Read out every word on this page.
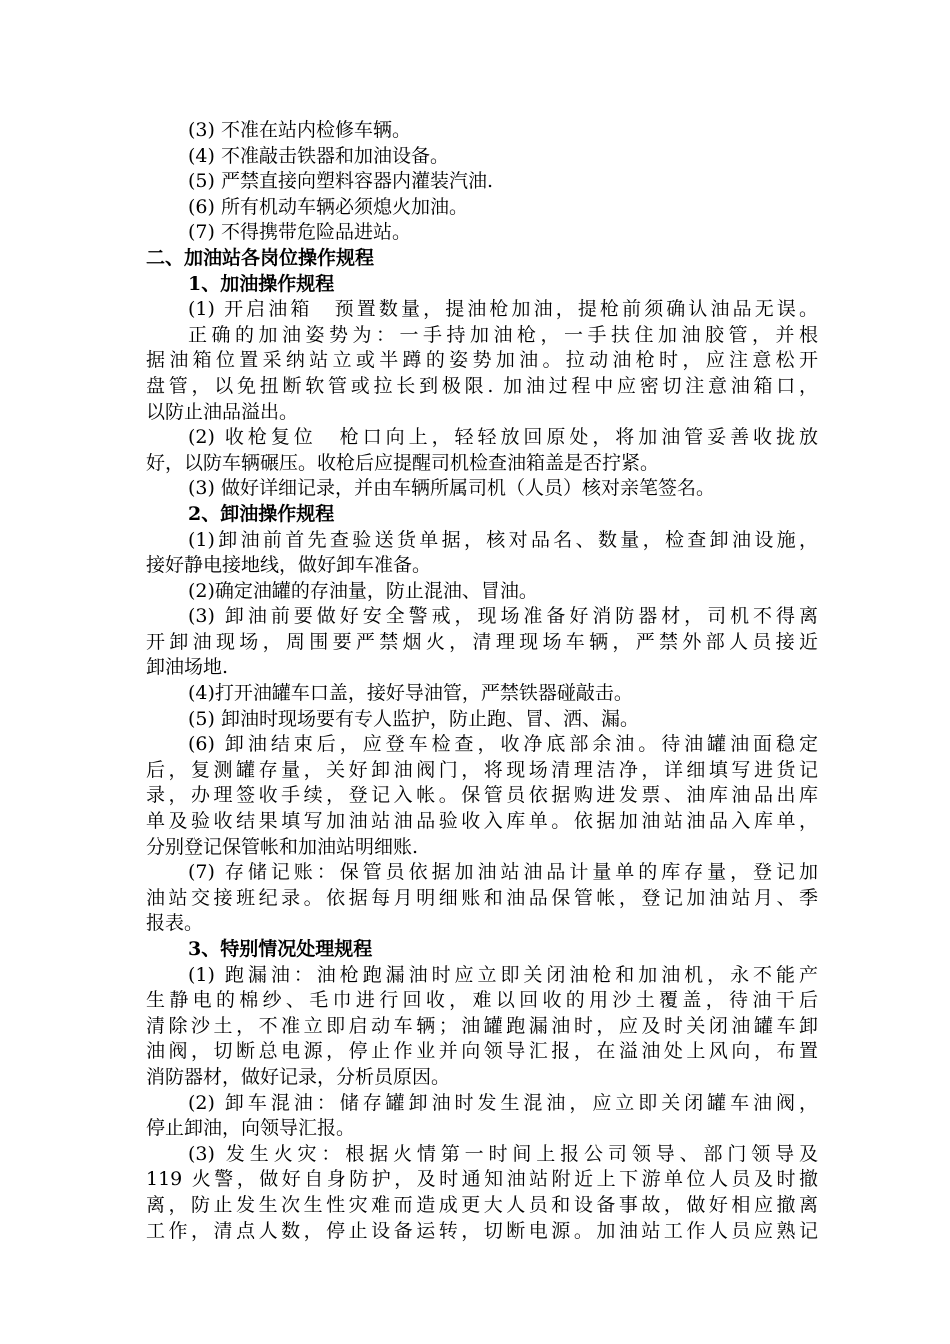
(3) 不准在站内检修车辆。

(4) 不准敲击铁器和加油设备。

(5) 严禁直接向塑料容器内灌装汽油.

(6) 所有机动车辆必须熄火加油。

(7) 不得携带危险品进站。

二、加油站各岗位操作规程

1、加油操作规程

(1) 开启油箱　预置数量，提油枪加油，提枪前须确认油品无误。

正确的加油姿势为：一手持加油枪，一手扶住加油胶管，并根

据油箱位置采纳站立或半蹲的姿势加油。拉动油枪时，应注意松开

盘管，以免扭断软管或拉长到极限. 加油过程中应密切注意油箱口，

以防止油品溢出。

(2) 收枪复位　枪口向上，轻轻放回原处，将加油管妥善收拢放

好，以防车辆碾压。收枪后应提醒司机检查油箱盖是否拧紧。

(3) 做好详细记录，并由车辆所属司机（人员）核对亲笔签名。

2、卸油操作规程

(1)卸油前首先查验送货单据，核对品名、数量，检查卸油设施，

接好静电接地线，做好卸车准备。

(2)确定油罐的存油量，防止混油、冒油。

(3) 卸油前要做好安全警戒，现场准备好消防器材，司机不得离

开卸油现场，周围要严禁烟火，清理现场车辆，严禁外部人员接近

卸油场地.

(4)打开油罐车口盖，接好导油管，严禁铁器碰敲击。

(5) 卸油时现场要有专人监护，防止跑、冒、洒、漏。

(6) 卸油结束后，应登车检查，收净底部余油。待油罐油面稳定

后，复测罐存量，关好卸油阀门，将现场清理洁净，详细填写进货记

录，办理签收手续，登记入帐。保管员依据购进发票、油库油品出库

单及验收结果填写加油站油品验收入库单。依据加油站油品入库单，

分别登记保管帐和加油站明细账.

(7) 存储记账：保管员依据加油站油品计量单的库存量，登记加

油站交接班纪录。依据每月明细账和油品保管帐，登记加油站月、季

报表。

3、特别情况处理规程

(1) 跑漏油：油枪跑漏油时应立即关闭油枪和加油机，永不能产

生静电的棉纱、毛巾进行回收，难以回收的用沙土覆盖，待油干后

清除沙土，不准立即启动车辆；油罐跑漏油时，应及时关闭油罐车卸

油阀，切断总电源，停止作业并向领导汇报，在溢油处上风向，布置

消防器材，做好记录，分析员原因。

(2) 卸车混油：储存罐卸油时发生混油，应立即关闭罐车油阀，

停止卸油，向领导汇报。

(3) 发生火灾：根据火情第一时间上报公司领导、部门领导及

119 火警，做好自身防护，及时通知油站附近上下游单位人员及时撤

离，防止发生次生性灾难而造成更大人员和设备事故，做好相应撤离

工作，清点人数，停止设备运转，切断电源。加油站工作人员应熟记
